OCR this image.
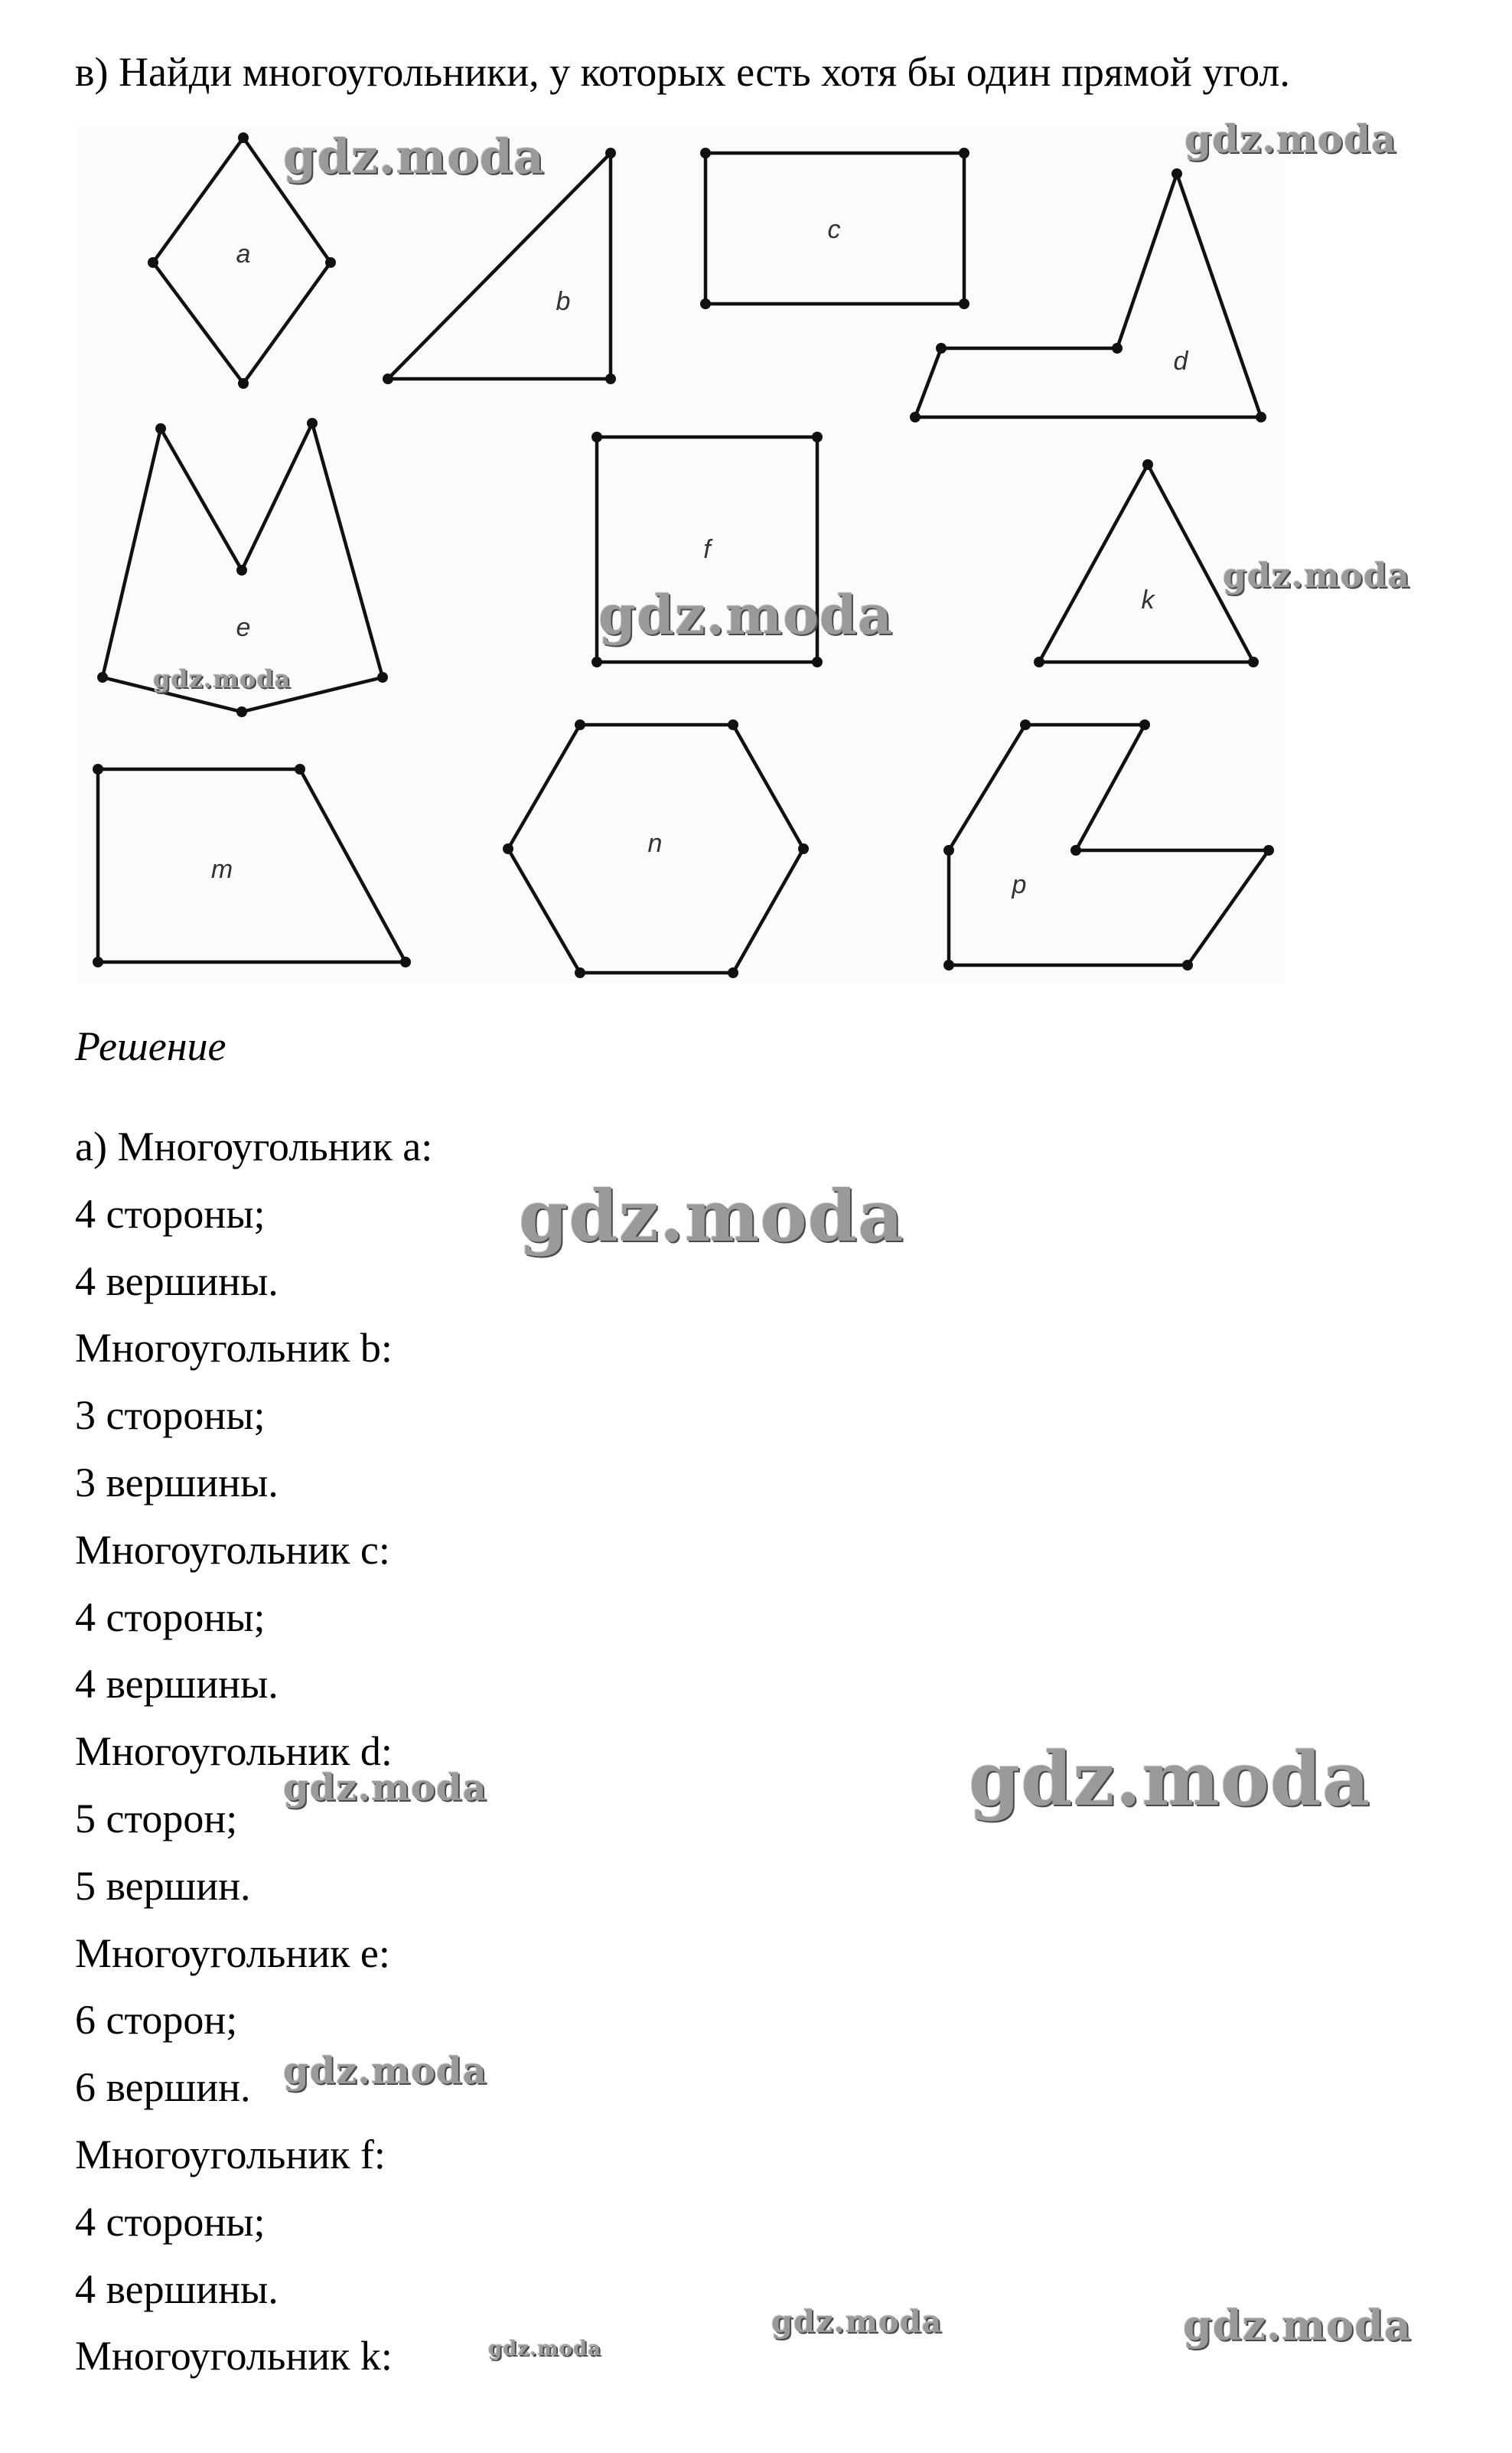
в) Найди многоугольники, у которых есть хотя бы один прямой угол.
a
b
c
d
e
f
k
m
n
p
Решение
а) Многоугольник a:
4 стороны;
4 вершины.
Многоугольник b:
3 стороны;
3 вершины.
Многоугольник c:
4 стороны;
4 вершины.
Многоугольник d:
5 сторон;
5 вершин.
Многоугольник e:
6 сторон;
6 вершин.
Многоугольник f:
4 стороны;
4 вершины.
Многоугольник k:
gdz.moda	gdz.moda
gdz.moda
gdz.moda
gdz.moda
gdz.moda
gdz.moda	gdz.moda
gdz.moda
gdz.moda	gdz.moda
gdz.moda
